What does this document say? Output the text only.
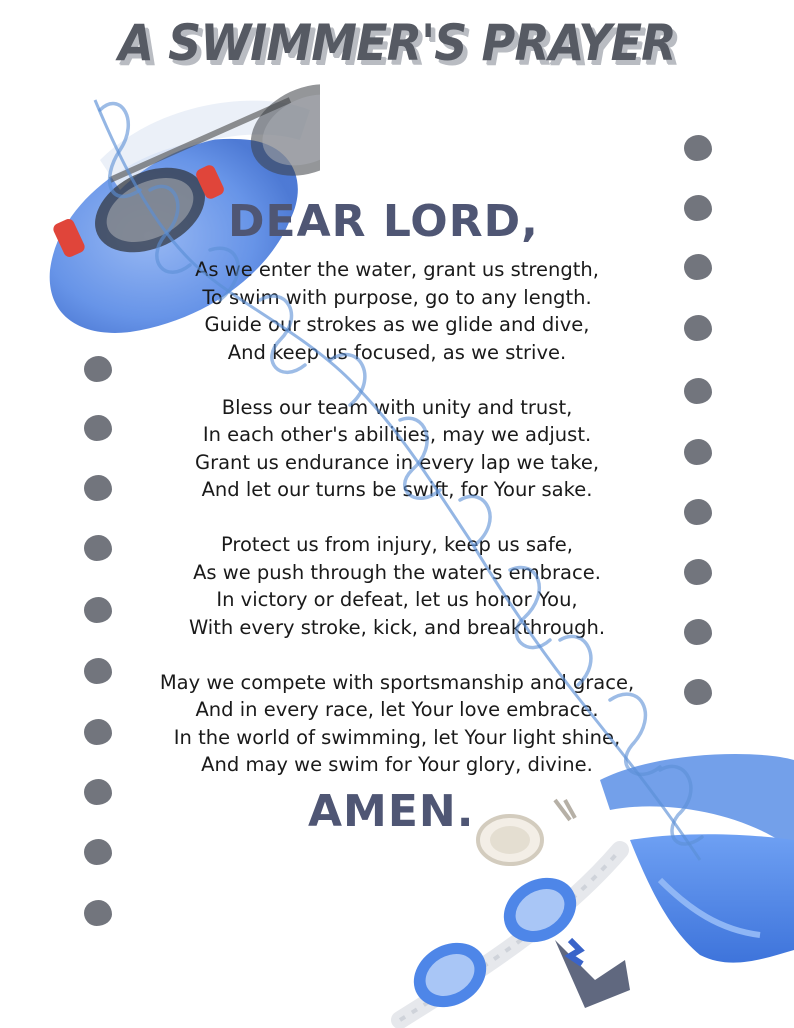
A SWIMMER'S PRAYER
DEAR LORD,
As we enter the water, grant us strength,
To swim with purpose, go to any length.
Guide our strokes as we glide and dive,
And keep us focused, as we strive.
Bless our team with unity and trust,
In each other's abilities, may we adjust.
Grant us endurance in every lap we take,
And let our turns be swift, for Your sake.
Protect us from injury, keep us safe,
As we push through the water's embrace.
In victory or defeat, let us honor You,
With every stroke, kick, and breakthrough.
May we compete with sportsmanship and grace,
And in every race, let Your love embrace.
In the world of swimming, let Your light shine,
And may we swim for Your glory, divine.
AMEN.
